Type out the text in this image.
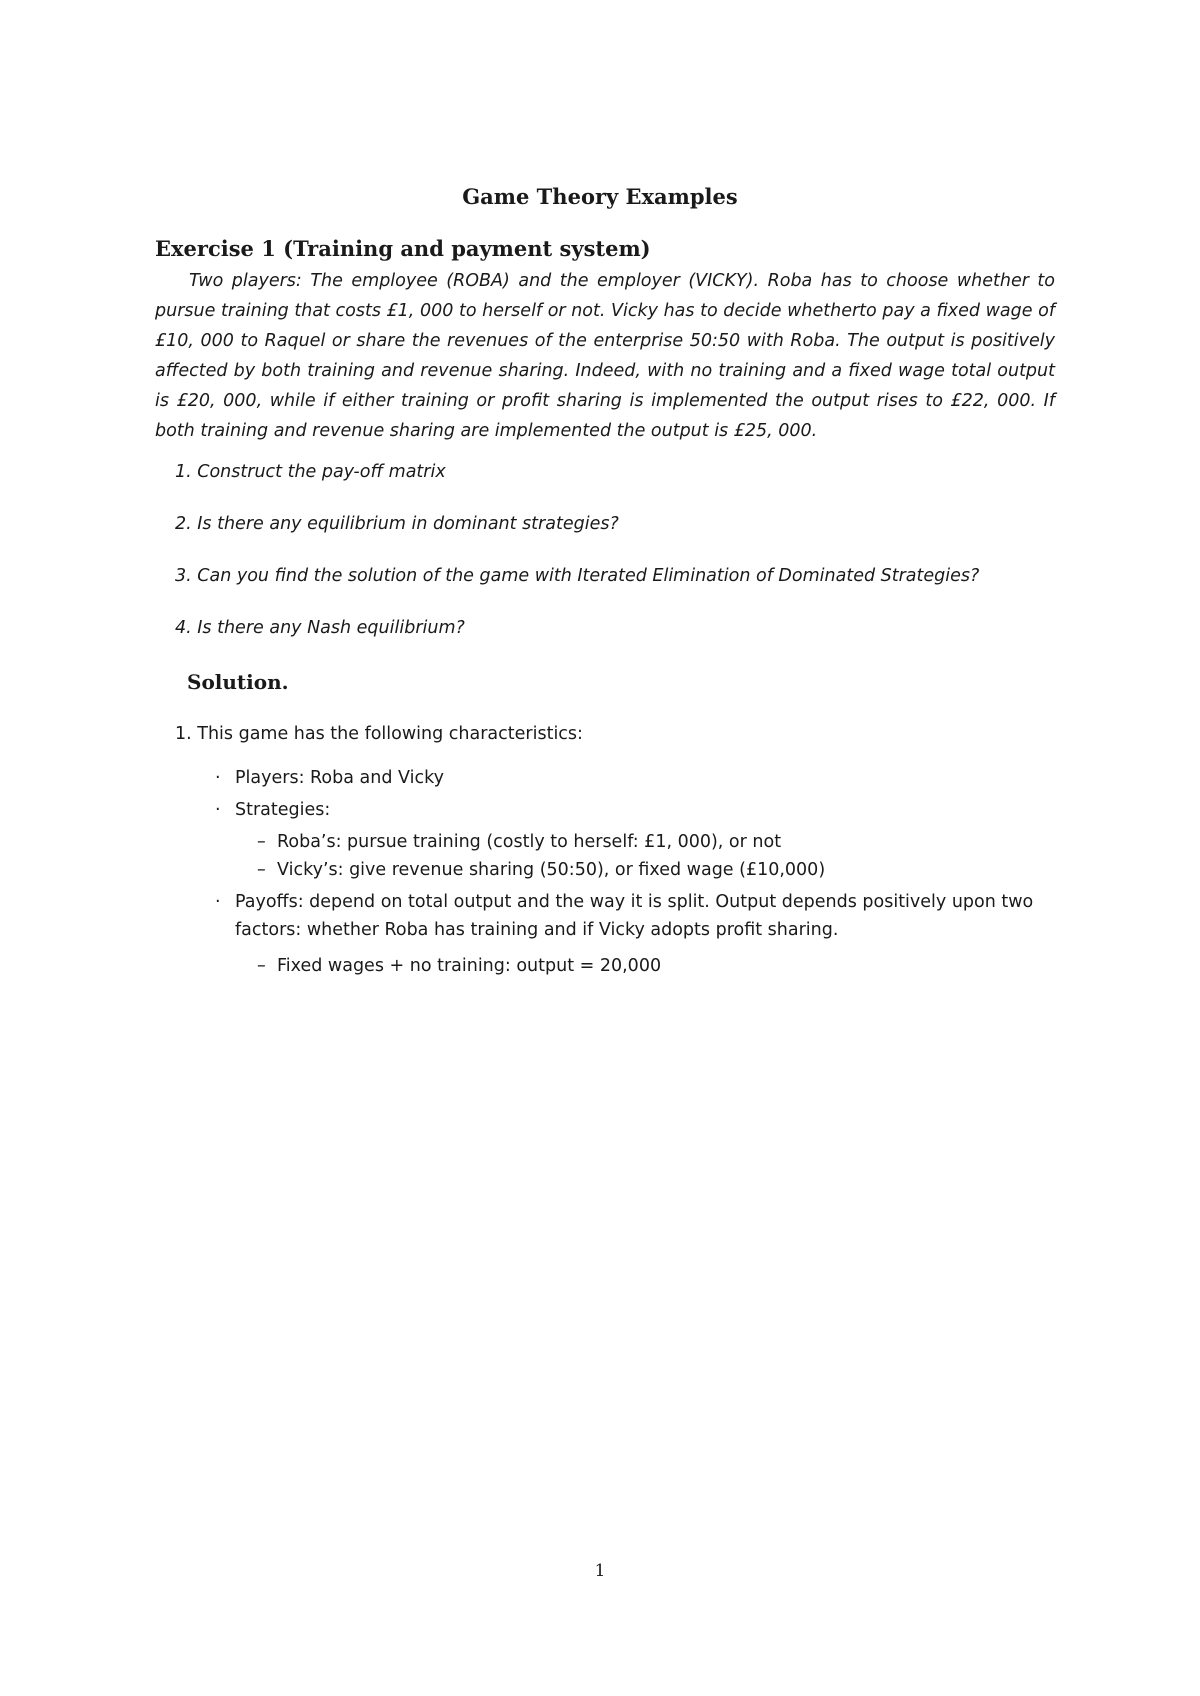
Game Theory Examples
Exercise 1 (Training and payment system)

Two players: The employee (ROBA) and the employer (VICKY). Roba has to choose whether to pursue training that costs £1, 000 to herself or not. Vicky has to decide whetherto pay a fixed wage of £10, 000 to Raquel or share the revenues of the enterprise 50:50 with Roba. The output is positively affected by both training and revenue sharing. Indeed, with no training and a fixed wage total output is £20, 000, while if either training or profit sharing is implemented the output rises to £22, 000. If both training and revenue sharing are implemented the output is £25, 000.

1. Construct the pay-off matrix
2. Is there any equilibrium in dominant strategies?
3. Can you find the solution of the game with Iterated Elimination of Dominated Strategies?
4. Is there any Nash equilibrium?
Solution.

1. This game has the following characteristics:

· Players: Roba and Vicky
· Strategies:
– Roba’s: pursue training (costly to herself: £1, 000), or not
– Vicky’s: give revenue sharing (50:50), or fixed wage (£10,000)
· Payoffs: depend on total output and the way it is split. Output depends positively upon two factors: whether Roba has training and if Vicky adopts profit sharing.
– Fixed wages + no training: output = 20,000
1
